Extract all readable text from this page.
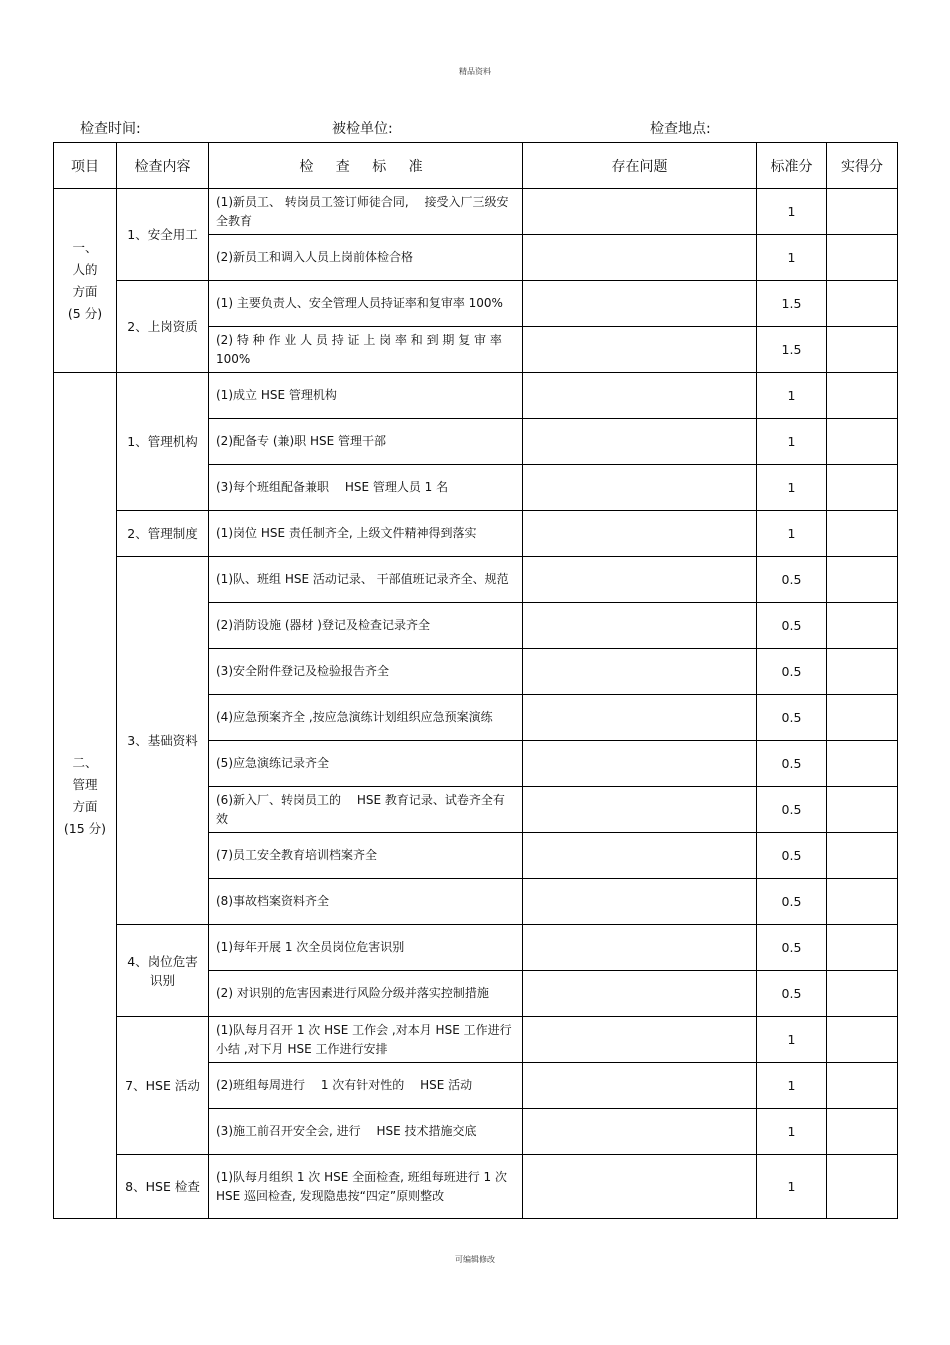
精品资料
检查时间:	被检单位:	检查地点:
项目	检查内容	检 查 标 准	存在问题	标准分	实得分

一、
人的
方面
(5 分)	1、安全用工	(1)新员工、 转岗员工签订师徒合同, 　接受入厂三级安全教育		1	
		(2)新员工和调入人员上岗前体检合格		1	
	2、上岗资质	(1) 主要负责人、安全管理人员持证率和复审率 100%		1.5	
		(2) 特 种 作 业 人 员 持 证 上 岗 率 和 到 期 复 审 率 100%		1.5	

二、
管理
方面
(15 分)	1、管理机构	(1)成立 HSE 管理机构		1	
		(2)配备专 (兼)职 HSE 管理干部		1	
		(3)每个班组配备兼职 　HSE 管理人员 1 名		1	
	2、管理制度	(1)岗位 HSE 责任制齐全, 上级文件精神得到落实		1	
	3、基础资料	(1)队、班组 HSE 活动记录、 干部值班记录齐全、规范		0.5	
		(2)消防设施 (器材 )登记及检查记录齐全		0.5	
		(3)安全附件登记及检验报告齐全		0.5	
		(4)应急预案齐全 ,按应急演练计划组织应急预案演练		0.5	
		(5)应急演练记录齐全		0.5	
		(6)新入厂、转岗员工的 　HSE 教育记录、试卷齐全有效		0.5	
		(7)员工安全教育培训档案齐全		0.5	
		(8)事故档案资料齐全		0.5	
	4、岗位危害识别	(1)每年开展 1 次全员岗位危害识别		0.5	
		(2) 对识别的危害因素进行风险分级并落实控制措施		0.5	
	7、HSE 活动	(1)队每月召开 1 次 HSE 工作会 ,对本月 HSE 工作进行小结 ,对下月 HSE 工作进行安排		1	
		(2)班组每周进行 　1 次有针对性的 　HSE 活动		1	
		(3)施工前召开安全会, 进行 　HSE 技术措施交底		1	
	8、HSE 检查	(1)队每月组织 1 次 HSE 全面检查, 班组每班进行 1 次 HSE 巡回检查, 发现隐患按“四定”原则整改		1	
可编辑修改
